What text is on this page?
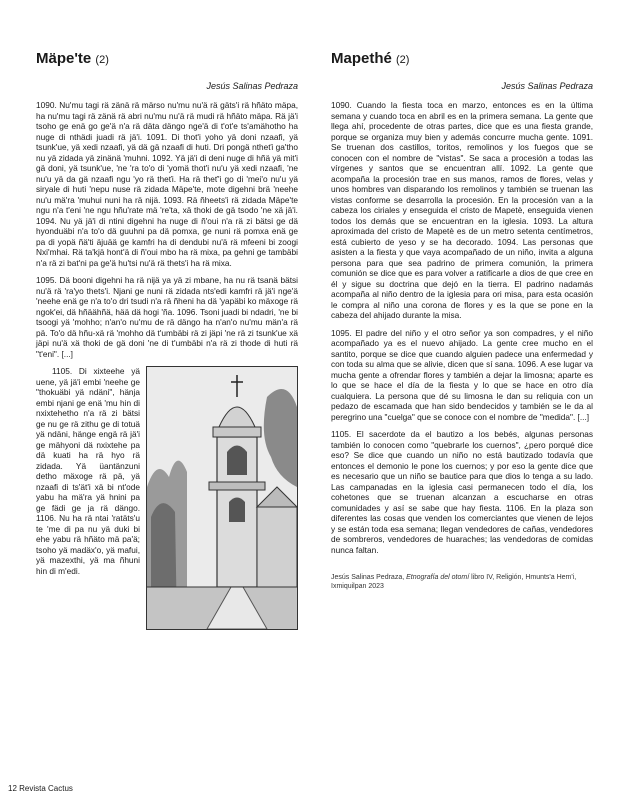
Mäpe'te (2)
Jesús Salinas Pedraza

1090. Nu'mu tagi rä zänä rä märso nu'mu nu'ä rä gäts'i rä hñäto mäpa, ha nu'mu tagi rä zänä rä abri nu'mu nu'ä rä mudi rä hñäto mäpa. Rä jä'i tsoho ge enä go ge'ä n'a rä däta dängo nge'ä di t'ot'e ts'amähotho ha nuge di nthädi juadi rä jä'i. 1091. Di thot'i yoho yä doni nzaafi, yä tsunk'ue, yä xedi nzaafi, yä dä gä nzaafi di huti. Dri pongä ntheťi ga'tho nu yä zidada yä zinänä 'muhni. 1092. Yä jä'i di deni nuge di hñä yä mit'i gä doni, yä tsunk'ue, 'ne 'ra to'o di 'yomä thot'i nu'u yä xedi nzaafi, 'ne nu'u yä da gä nzaafi ngu 'yo rä theťi. Ha rä theť'i go di 'mei'o nu'u yä siryale di huti 'nepu nuse rä zidada Mäpe'te, mote digehni brä 'neehe nu'u mä'ra 'muhui nuni ha rä nijä. 1093. Rä ñheets'i rä zidada Mäpe'te ngu n'a t'eni 'ne ngu hñu'rate mä 're'ta, xä thoki de gä tsodo 'ne xä jä'i. 1094. Nu yä jä'i di ntini digehni ha nuge di ñ'oui n'a rä zi bätsi ge dä hyonduäbi n'a to'o dä guuhni pa dä pomxa, ge nuni rä pomxa enä ge pa di yopä ñä'ti äjuää ge kamfri ha di dendubi nu'ä rä mfeeni bi zoogi Nxi'mhai. Rä ta'kjä hont'ä di ñ'oui mbo ha rä mixa, pa gehni ge tambäbi n'a rä zi bat'ni pa ge'ä hu'tsi nu'ä rä thets'i ha rä mixa.

1095. Dä booni digehni ha rä nijä ya yä zi mbane, ha nu rä tsanä bätsi nu'ä rä 'ra'yo thets'i. Njani ge nuni rä zidada nts'edi kamfri rä jä'i nge'ä 'neehe enä ge n'a to'o dri tsudi n'a rä ñheni ha dä 'yapäbi ko mäxoge rä ngok'ei, dä hñäähñä, hää dä hogi 'ña. 1096. Tsoni juadi bi ndadri, 'ne bi tsoogi yä 'mohho; n'an'o nu'mu de rä dängo ha n'an'o nu'mu män'a rä pä. To'o dä hñu-xä rä 'mohho dä t'umbäbi rä zi jäpi 'ne rä zi tsunk'ue xä jäpi nu'ä xä thoki de gä doni 'ne di t'umbäbi n'a rä zi thode di huti rä "t'eni". [...]

1105. Di xixteehe yä uene, yä jä'i embi 'neehe ge "thokuäbi yä ndäni", hänja embi njani ge enä 'mu hin di nxixtehetho n'a rä zi bätsi ge nu ge rä zithu ge di totuä yä ndäni, hänge engä rä jä'i ge mähyoni dä nxixtehe pa dä kuati ha rä hyo rä zidada. Yä üantänzuni detho mäxoge rä pä, yä nzaafi di ts'ät'i xä bi nt'ode yabu ha mä'ra yä hnini pa ge fädi ge ja rä dängo. 1106. Nu ha rä ntai 'ratäts'u te 'me di pa nu yä duki bi ehe yabu rä hñäto mä pa'ä; tsoho yä madäx'o, yä mafui, yä mazexthi, yä ma ñhuni hin di m'edi.

Mapethé (2)
Jesús Salinas Pedraza

1090. Cuando la fiesta toca en marzo, entonces es en la última semana y cuando toca en abril es en la primera semana. La gente que llega ahí, procedente de otras partes, dice que es una fiesta grande, porque se organiza muy bien y además concurre mucha gente. 1091. Se truenan dos castillos, toritos, remolinos y los fuegos que se conocen con el nombre de "vistas". Se saca a procesión a todas las vírgenes y santos que se encuentran allí. 1092. La gente que acompaña la procesión trae en sus manos, ramos de flores, velas y unos hombres van disparando los remolinos y también se truenan las vistas conforme se desarrolla la procesión. En la procesión van a la cabeza los ciriales y enseguida el cristo de Mapetè, enseguida vienen todos los demás que se encuentran en la iglesia. 1093. La altura aproximada del cristo de Mapetè es de un metro setenta centímetros, está cubierto de yeso y se ha decorado. 1094. Las personas que asisten a la fiesta y que vaya acompañado de un niño, invita a alguna persona para que sea padrino de primera comunión, la primera comunión se dice que es para volver a ratificarle a dios de que cree en él y sigue su doctrina que dejó en la tierra. El padrino nadamás acompaña al niño dentro de la iglesia para ori misa, para esta ocasión le compra al niño una corona de flores y es la que se pone en la cabeza del ahijado durante la misa.

1095. El padre del niño y el otro señor ya son compadres, y el niño acompañado ya es el nuevo ahijado. La gente cree mucho en el santito, porque se dice que cuando alguien padece una enfermedad y con toda su alma que se alivie, dicen que sí sana. 1096. A ese lugar va mucha gente a ofrendar flores y también a dejar la limosna; aparte es lo que se hace el día de la fiesta y lo que se hace en otro día cualquiera. La persona que dé su limosna le dan su reliquia con un pedazo de escamada que han sido bendecidos y también se le da al peregrino una "cuelga" que se conoce con el nombre de "medida". [...]

1105. El sacerdote da el bautizo a los bebés, algunas personas también lo conocen como "quebrarle los cuernos", ¿pero porqué dice eso? Se dice que cuando un niño no está bautizado todavía que entonces el demonio le pone los cuernos; y por eso la gente dice que es necesario que un niño se bautice para que dios lo tenga a su lado. Las campanadas en la iglesia casi permanecen todo el día, los cohetones que se truenan alcanzan a escucharse en otras comunidades y así se sabe que hay fiesta. 1106. En la plaza son diferentes las cosas que venden los comerciantes que vienen de lejos y se están toda esa semana; llegan vendedores de cañas, vendedores de sombreros, vendedores de huaraches; las vendedoras de comidas nunca faltan.

Jesús Salinas Pedraza, Etnografía del otomí libro IV, Religión, Hmunts'a Hem'i, Ixmiquilpan 2023
12 Revista Cactus
